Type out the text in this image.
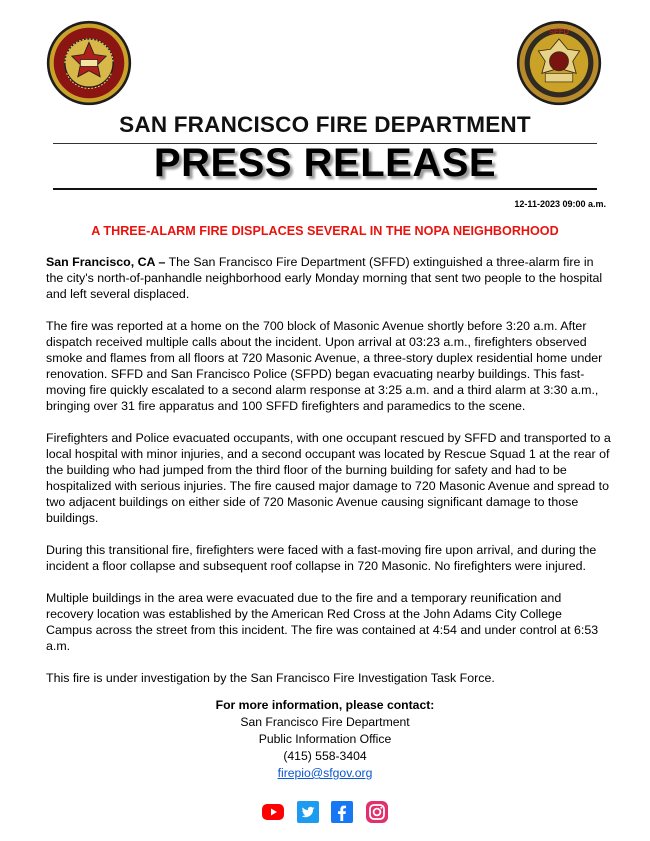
SFFD
SAN FRANCISCO FIRE DEPARTMENT
PRESS RELEASE
12-11-2023 09:00 a.m.
A THREE-ALARM FIRE DISPLACES SEVERAL IN THE NOPA NEIGHBORHOOD

San Francisco, CA – The San Francisco Fire Department (SFFD) extinguished a three-alarm fire in the city's north-of-panhandle neighborhood early Monday morning that sent two people to the hospital and left several displaced.

The fire was reported at a home on the 700 block of Masonic Avenue shortly before 3:20 a.m. After dispatch received multiple calls about the incident. Upon arrival at 03:23 a.m., firefighters observed smoke and flames from all floors at 720 Masonic Avenue, a three-story duplex residential home under renovation. SFFD and San Francisco Police (SFPD) began evacuating nearby buildings. This fast-moving fire quickly escalated to a second alarm response at 3:25 a.m. and a third alarm at 3:30 a.m., bringing over 31 fire apparatus and 100 SFFD firefighters and paramedics to the scene.

Firefighters and Police evacuated occupants, with one occupant rescued by SFFD and transported to a local hospital with minor injuries, and a second occupant was located by Rescue Squad 1 at the rear of the building who had jumped from the third floor of the burning building for safety and had to be hospitalized with serious injuries. The fire caused major damage to 720 Masonic Avenue and spread to two adjacent buildings on either side of 720 Masonic Avenue causing significant damage to those buildings.

During this transitional fire, firefighters were faced with a fast-moving fire upon arrival, and during the incident a floor collapse and subsequent roof collapse in 720 Masonic. No firefighters were injured.

Multiple buildings in the area were evacuated due to the fire and a temporary reunification and recovery location was established by the American Red Cross at the John Adams City College Campus across the street from this incident. The fire was contained at 4:54 and under control at 6:53 a.m.

This fire is under investigation by the San Francisco Fire Investigation Task Force.

For more information, please contact:
San Francisco Fire Department
Public Information Office
(415) 558-3404
firepio@sfgov.org
